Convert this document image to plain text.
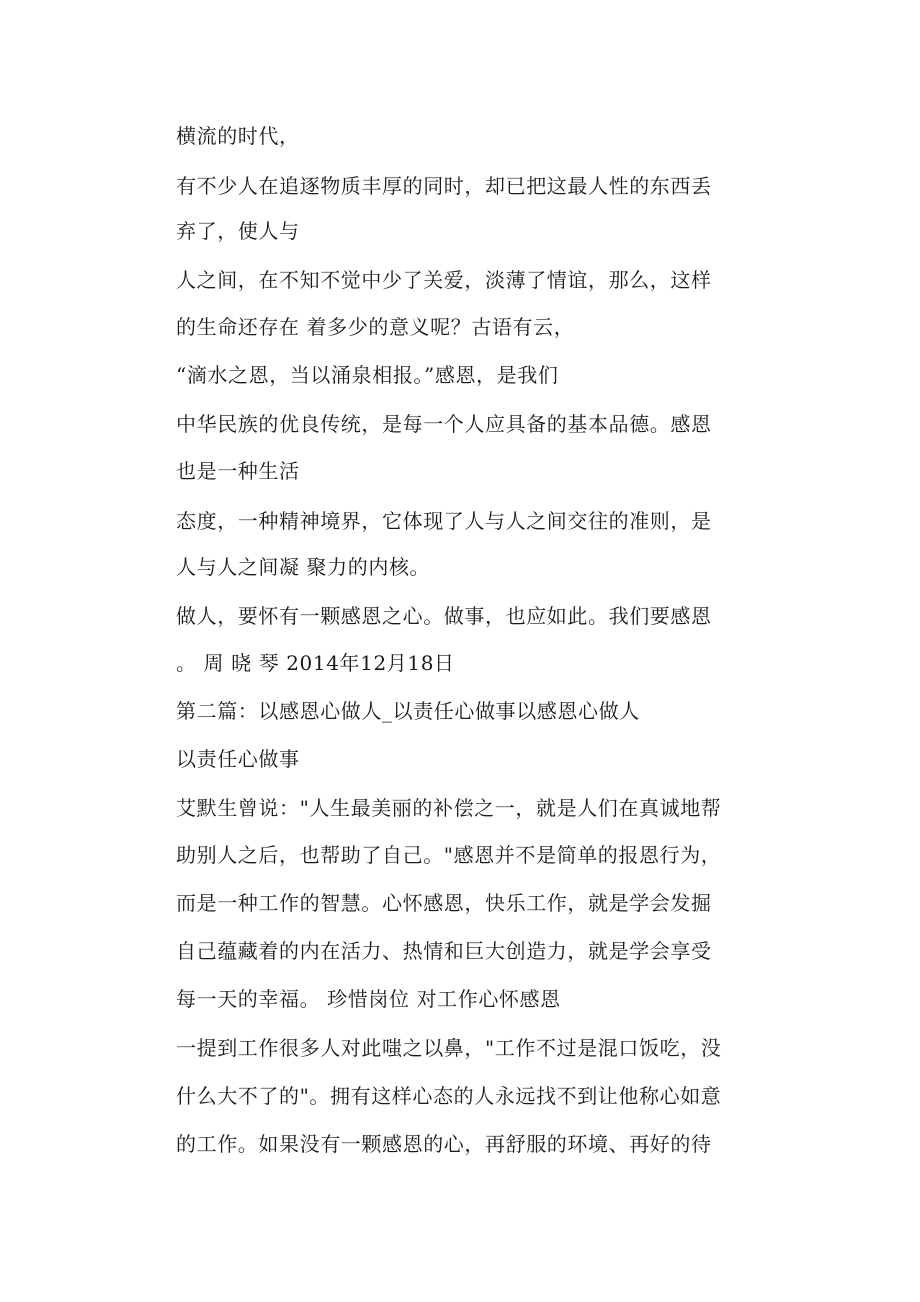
横流的时代，
有不少人在追逐物质丰厚的同时，却已把这最人性的东西丢
弃了，使人与
人之间，在不知不觉中少了关爱，淡薄了情谊，那么，这样
的生命还存在 着多少的意义呢？古语有云，
“滴水之恩，当以涌泉相报。”感恩，是我们
中华民族的优良传统，是每一个人应具备的基本品德。感恩
也是一种生活
态度，一种精神境界，它体现了人与人之间交往的准则，是
人与人之间凝 聚力的内核。
做人，要怀有一颗感恩之心。做事，也应如此。我们要感恩
。 周 晓 琴 2014年12月18日
第二篇：以感恩心做人_以责任心做事以感恩心做人
以责任心做事
艾默生曾说："人生最美丽的补偿之一，就是人们在真诚地帮
助别人之后，也帮助了自己。"感恩并不是简单的报恩行为，
而是一种工作的智慧。心怀感恩，快乐工作，就是学会发掘
自己蕴藏着的内在活力、热情和巨大创造力，就是学会享受
每一天的幸福。 珍惜岗位 对工作心怀感恩
一提到工作很多人对此嗤之以鼻，"工作不过是混口饭吃，没
什么大不了的"。拥有这样心态的人永远找不到让他称心如意
的工作。如果没有一颗感恩的心，再舒服的环境、再好的待
